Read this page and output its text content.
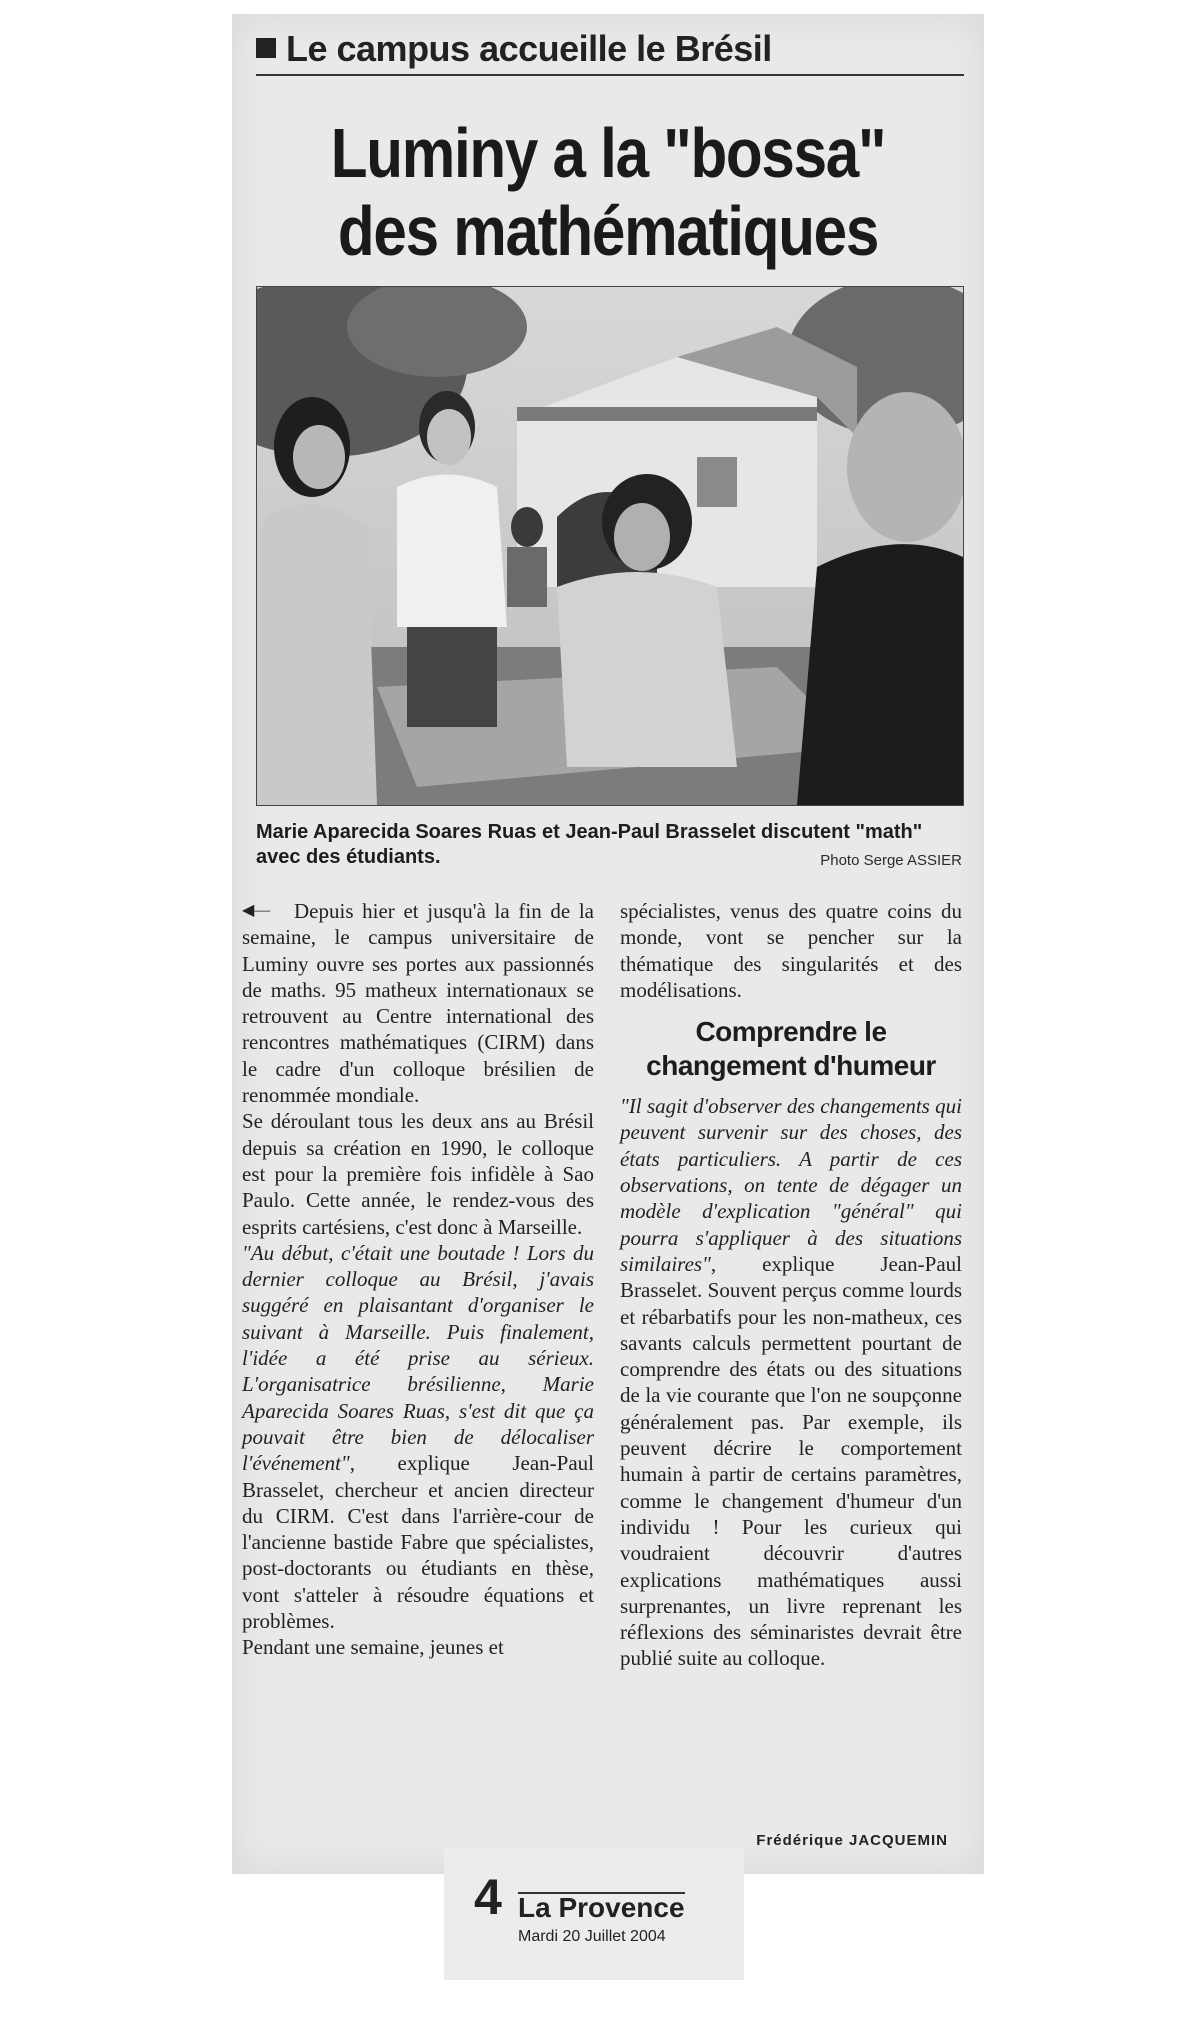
Le campus accueille le Brésil
Luminy a la "bossa"
des mathématiques
Marie Aparecida Soares Ruas et Jean-Paul Brasselet discutent "math" avec des étudiants.	Photo Serge ASSIER
◀—	Depuis hier et jusqu'à la fin de la semaine, le campus universitaire de Luminy ouvre ses portes aux passionnés de maths. 95 matheux internationaux se retrouvent au Centre international des rencontres mathématiques (CIRM) dans le cadre d'un colloque brésilien de renommée mondiale.

Se déroulant tous les deux ans au Brésil depuis sa création en 1990, le colloque est pour la première fois infidèle à Sao Paulo. Cette année, le rendez-vous des esprits cartésiens, c'est donc à Marseille.

"Au début, c'était une boutade ! Lors du dernier colloque au Brésil, j'avais suggéré en plaisantant d'organiser le suivant à Marseille. Puis finalement, l'idée a été prise au sérieux. L'organisatrice brésilienne, Marie Aparecida Soares Ruas, s'est dit que ça pouvait être bien de délocaliser l'événement", explique Jean-Paul Brasselet, chercheur et ancien directeur du CIRM. C'est dans l'arrière-cour de l'ancienne bastide Fabre que spécialistes, post-doctorants ou étudiants en thèse, vont s'atteler à résoudre équations et problèmes.

Pendant une semaine, jeunes et

spécialistes, venus des quatre coins du monde, vont se pencher sur la thématique des singularités et des modélisations.

Comprendre le changement d'humeur

"Il sagit d'observer des changements qui peuvent survenir sur des choses, des états particuliers. A partir de ces observations, on tente de dégager un modèle d'explication "général" qui pourra s'appliquer à des situations similaires", explique Jean-Paul Brasselet. Souvent perçus comme lourds et rébarbatifs pour les non-matheux, ces savants calculs permettent pourtant de comprendre des états ou des situations de la vie courante que l'on ne soupçonne généralement pas. Par exemple, ils peuvent décrire le comportement humain à partir de certains paramètres, comme le changement d'humeur d'un individu ! Pour les curieux qui voudraient découvrir d'autres explications mathématiques aussi surprenantes, un livre reprenant les réflexions des séminaristes devrait être publié suite au colloque.

Frédérique JACQUEMIN
4 La Provence
Mardi 20 Juillet 2004
